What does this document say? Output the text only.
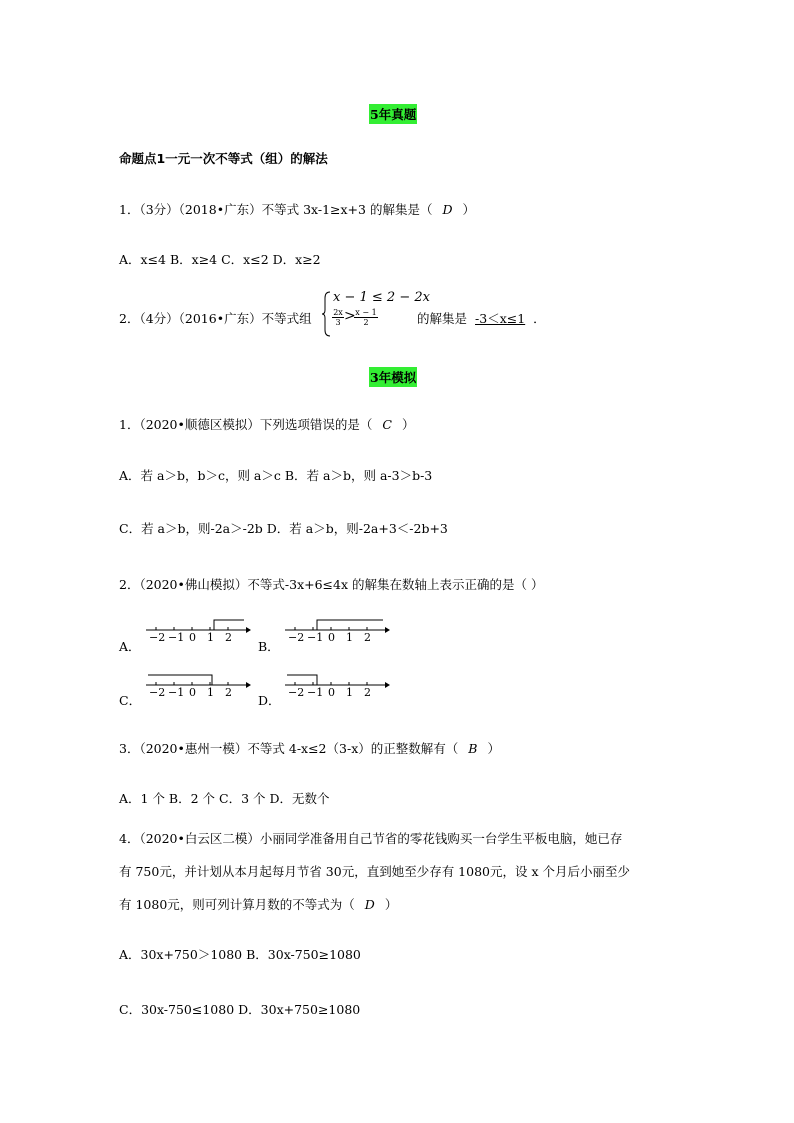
5年真题
命题点1一元一次不等式（组）的解法
1．（3分）（2018•广东）不等式 3x-1≥x+3 的解集是（ D ）
A．x≤4 B．x≥4 C．x≤2 D．x≥2
2．（4分）（2016•广东）不等式组
x − 1 ≤ 2 − 2x
$\frac{2x}{3}$ >
$\frac{x - 1}{2}$	的解集是 -3＜x≤1 ．
3年模拟
1．（2020•顺德区模拟）下列选项错误的是（ C ）
A．若 a＞b，b＞c，则 a＞c B．若 a＞b，则 a-3＞b-3
C．若 a＞b，则-2a＞-2b D．若 a＞b，则-2a+3＜-2b+3
2．（2020•佛山模拟）不等式-3x+6≤4x 的解集在数轴上表示正确的是（ ）
A．
−2 −1 0 1 2
B．
−2 −1 0 1 2
C．
−2 −1 0 1 2
D．
−2 −1 0 1 2
3．（2020•惠州一模）不等式 4-x≤2（3-x）的正整数解有（ B ）
A．1 个 B．2 个 C．3 个 D．无数个
4．（2020•白云区二模）小丽同学准备用自己节省的零花钱购买一台学生平板电脑，她已存
有 750元，并计划从本月起每月节省 30元，直到她至少存有 1080元，设 x 个月后小丽至少
有 1080元，则可列计算月数的不等式为（ D ）
A．30x+750＞1080 B．30x-750≥1080
C．30x-750≤1080 D．30x+750≥1080
